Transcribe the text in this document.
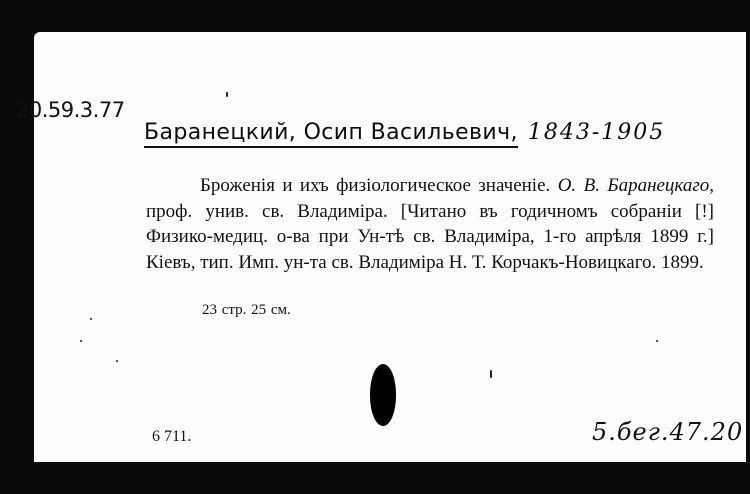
20.59.3.77
Баранецкий, Осип Васильевич, 1843-1905
Броженія и ихъ физіологическое значеніе. О. В. Баранецкаго, проф. унив. св. Владиміра. [Читано въ годичномъ собраніи [!] Физико-медиц. о-ва при Ун-тѣ св. Владиміра, 1-го апрѣля 1899 г.] Кіевъ, тип. Имп. ун-та св. Владиміра Н. Т. Корчакъ-Новицкаго. 1899.
23 стр. 25 см.
6 711.	5.бег.47.20
